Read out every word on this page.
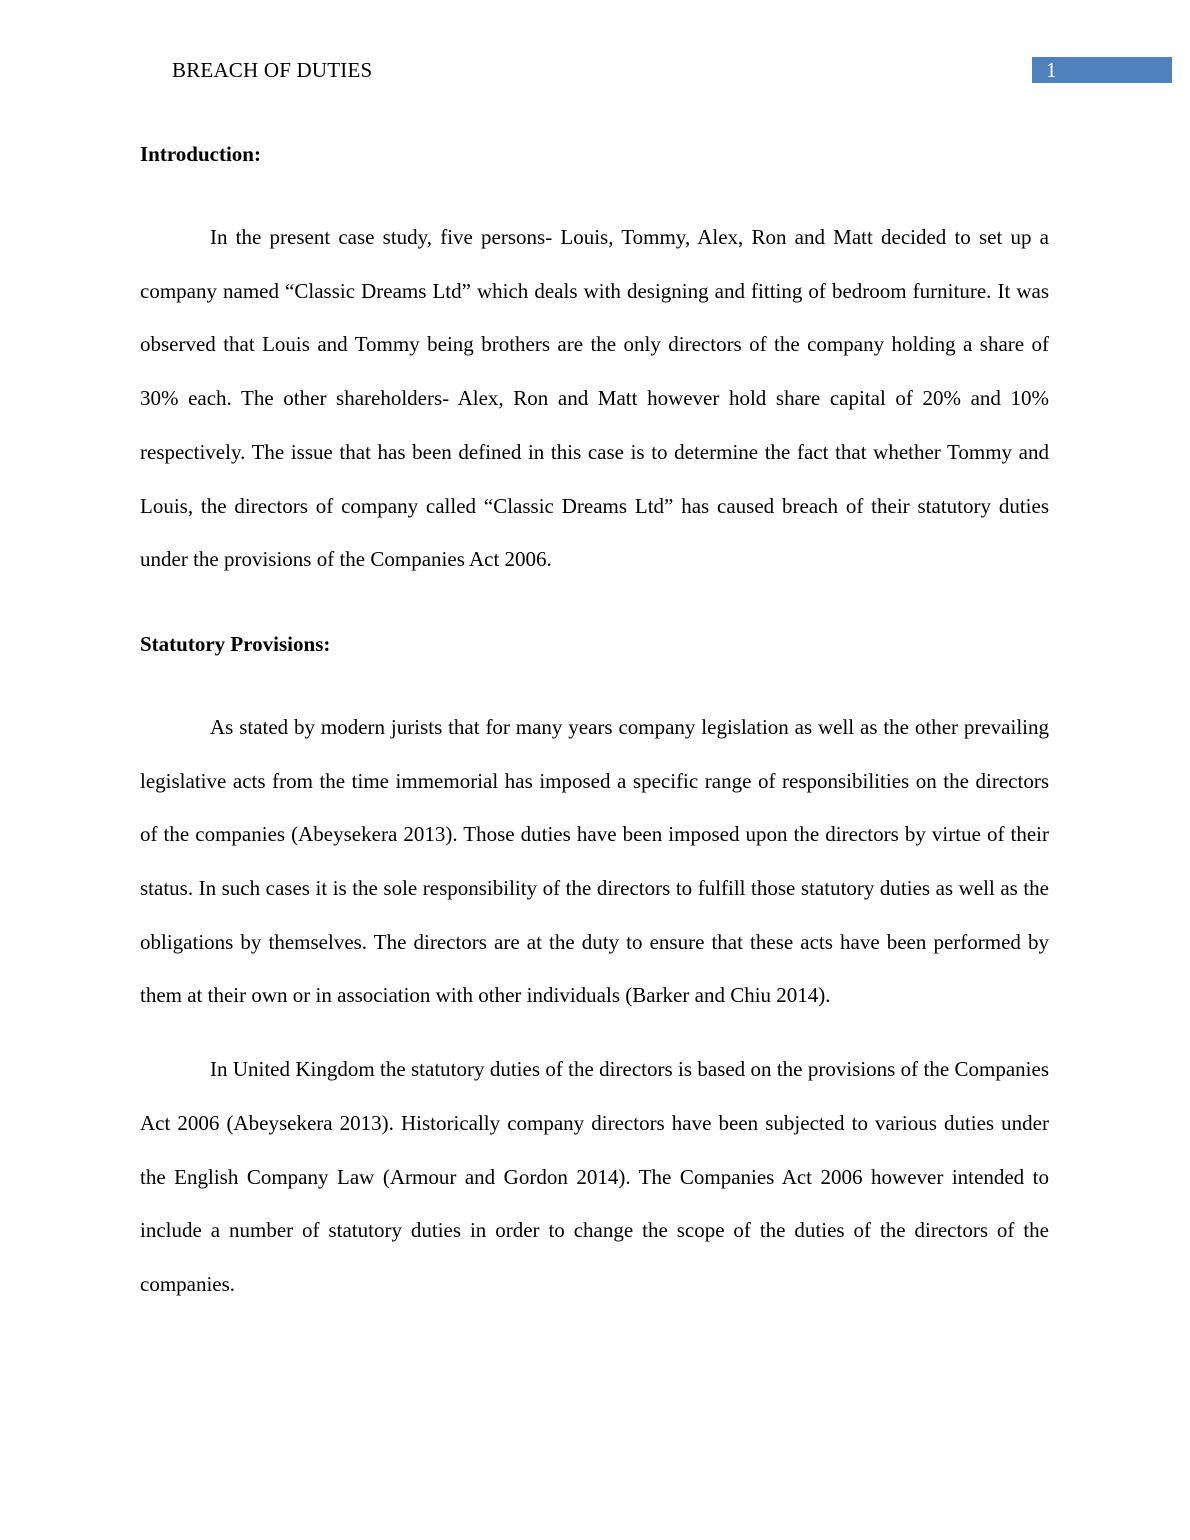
BREACH OF DUTIES	1
Introduction:

In the present case study, five persons- Louis, Tommy, Alex, Ron and Matt decided to set up a company named “Classic Dreams Ltd” which deals with designing and fitting of bedroom furniture. It was observed that Louis and Tommy being brothers are the only directors of the company holding a share of 30% each. The other shareholders- Alex, Ron and Matt however hold share capital of 20% and 10% respectively. The issue that has been defined in this case is to determine the fact that whether Tommy and Louis, the directors of company called “Classic Dreams Ltd” has caused breach of their statutory duties under the provisions of the Companies Act 2006.

Statutory Provisions:

As stated by modern jurists that for many years company legislation as well as the other prevailing legislative acts from the time immemorial has imposed a specific range of responsibilities on the directors of the companies (Abeysekera 2013). Those duties have been imposed upon the directors by virtue of their status. In such cases it is the sole responsibility of the directors to fulfill those statutory duties as well as the obligations by themselves. The directors are at the duty to ensure that these acts have been performed by them at their own or in association with other individuals (Barker and Chiu 2014).

In United Kingdom the statutory duties of the directors is based on the provisions of the Companies Act 2006 (Abeysekera 2013). Historically company directors have been subjected to various duties under the English Company Law (Armour and Gordon 2014). The Companies Act 2006 however intended to include a number of statutory duties in order to change the scope of the duties of the directors of the companies.
